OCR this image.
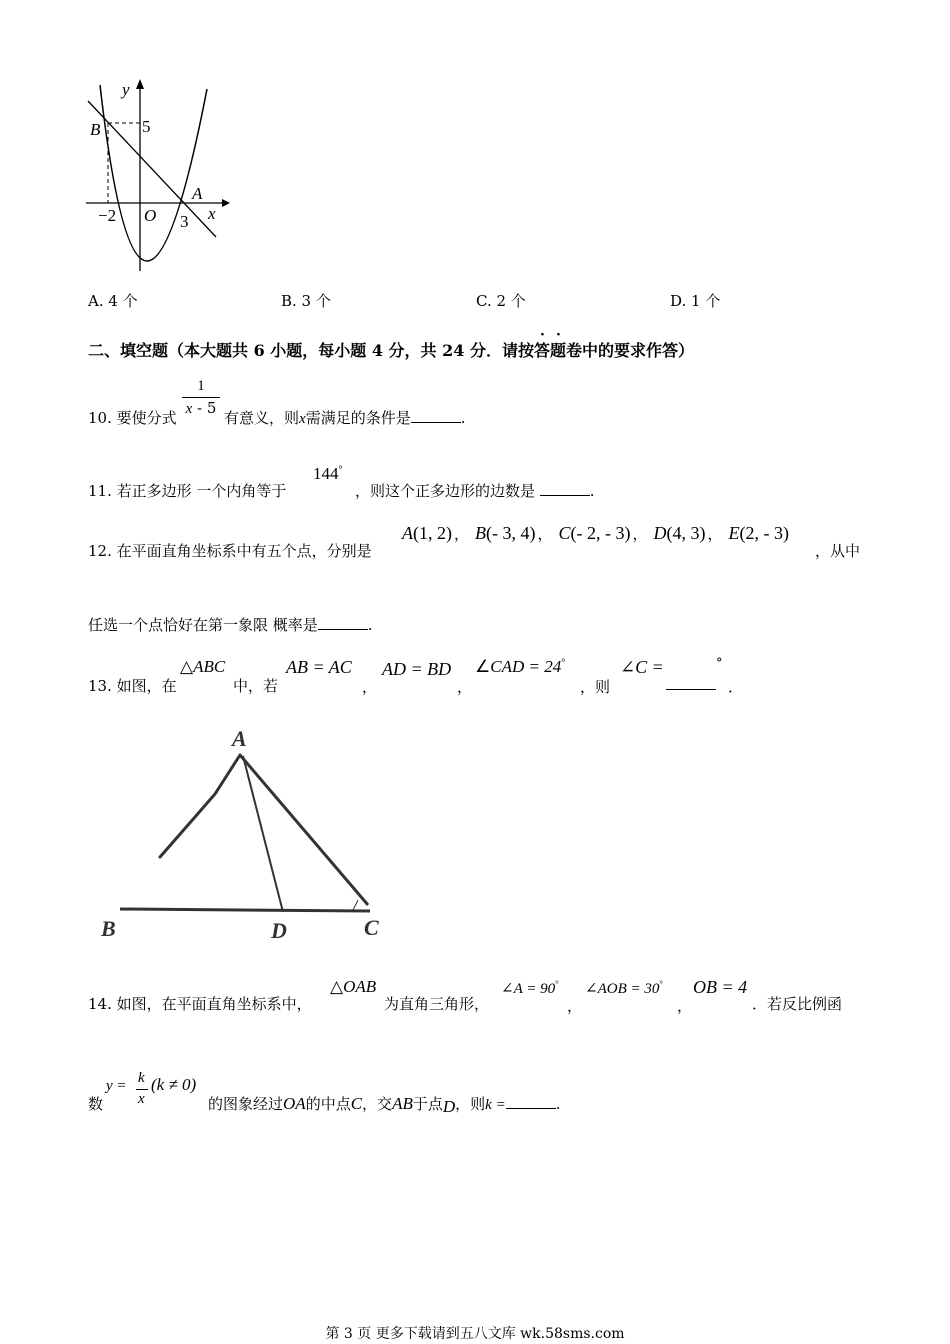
y
x
B 5
A
−2 O 3
A. 4 个	B. 3 个	C. 2 个	D. 1 个
二、填空题（本大题共 6 小题，每小题 4 分，共 24 分．请按答
·
题
·
卷中的要求作答）
10. 要使分式
1
x - 5
有意义，则x需满足的条件是	.
11. 若正多边形 一个内角等于
144°
，则这个正多边形的边数是	.
12. 在平面直角坐标系中有五个点，分别是
A(1, 2) ， B(- 3, 4) ， C(- 2, - 3) ， D(4, 3) ， E(2, - 3)
，从中
任选一个点恰好在第一象限 概率是	.
13. 如图，在
△ABC
中，若
AB = AC
，
AD = BD
，
∠CAD = 24°
，则
∠C =	°
．
A
B	D	C
14. 如图，在平面直角坐标系中，
△OAB
为直角三角形，
∠A = 90°
，
∠AOB = 30°
，
OB = 4
．若反比例函
数
y = k
x
(k ≠ 0)
的图象经过OA的中点C，交AB于点D，则k =	.
第 3 页 更多下载请到五八文库 wk.58sms.com
